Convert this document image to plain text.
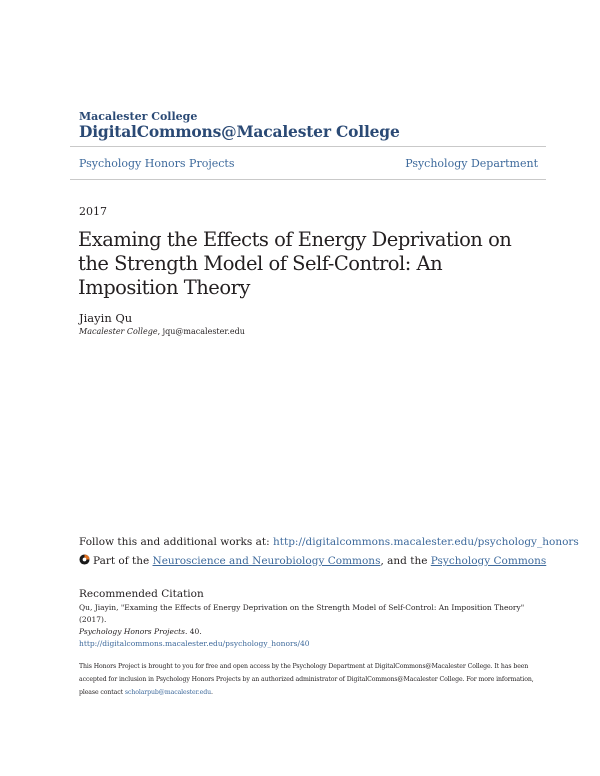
Macalester College
DigitalCommons@Macalester College
Psychology Honors Projects	Psychology Department
2017
Examing the Effects of Energy Deprivation on the Strength Model of Self-Control: An Imposition Theory
Jiayin Qu
Macalester College, jqu@macalester.edu
Follow this and additional works at: http://digitalcommons.macalester.edu/psychology_honors
Part of the Neuroscience and Neurobiology Commons, and the Psychology Commons
Recommended Citation
Qu, Jiayin, "Examing the Effects of Energy Deprivation on the Strength Model of Self-Control: An Imposition Theory" (2017).
Psychology Honors Projects. 40.
http://digitalcommons.macalester.edu/psychology_honors/40
This Honors Project is brought to you for free and open access by the Psychology Department at DigitalCommons@Macalester College. It has been
accepted for inclusion in Psychology Honors Projects by an authorized administrator of DigitalCommons@Macalester College. For more information,
please contact scholarpub@macalester.edu.
